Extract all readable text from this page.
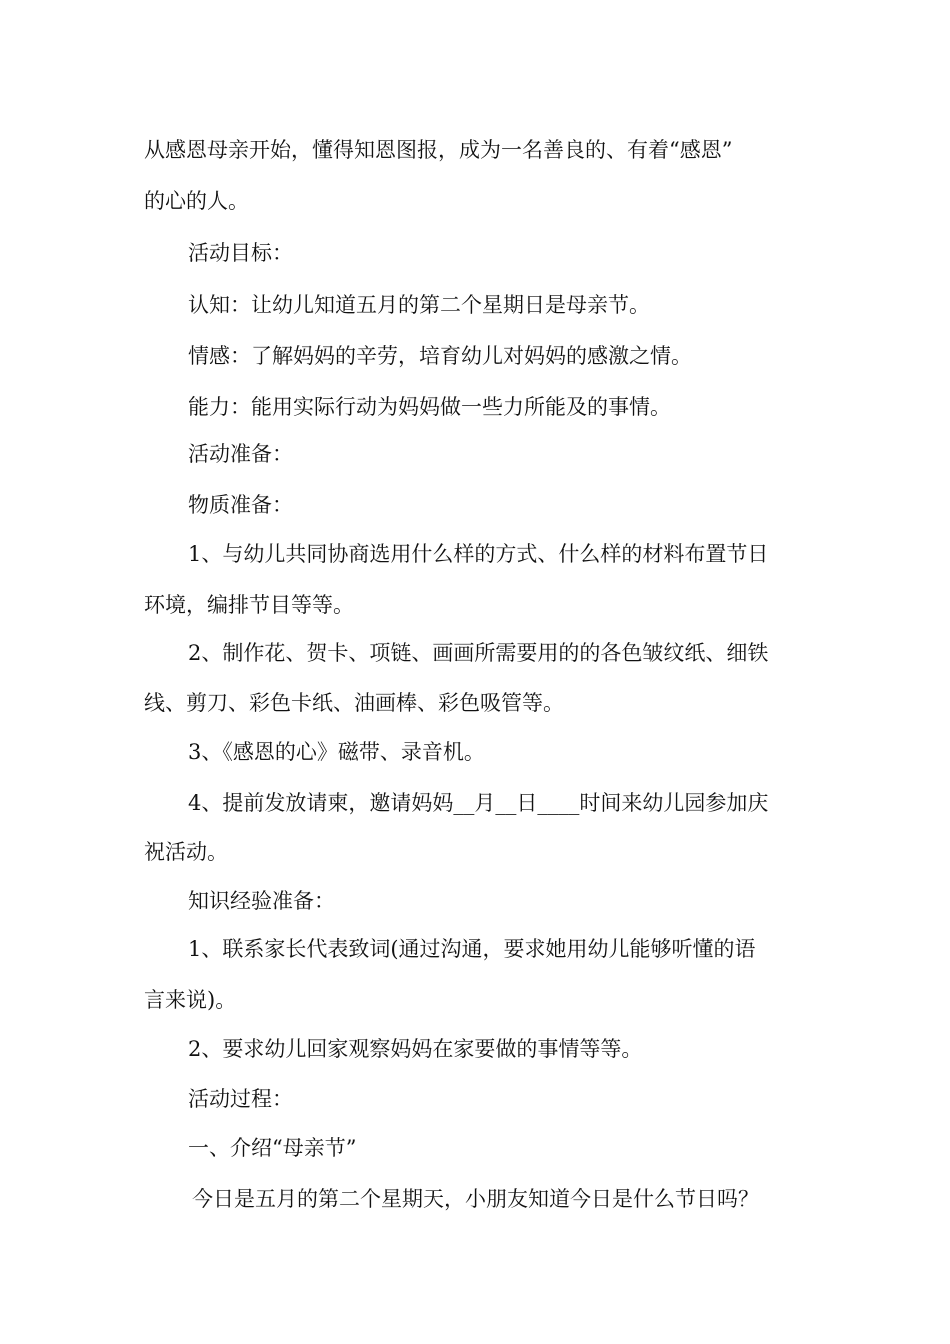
从感恩母亲开始，懂得知恩图报，成为一名善良的、有着“感恩”
的心的人。
活动目标：
认知：让幼儿知道五月的第二个星期日是母亲节。
情感：了解妈妈的辛劳，培育幼儿对妈妈的感激之情。
能力：能用实际行动为妈妈做一些力所能及的事情。
活动准备：
物质准备：
1、与幼儿共同协商选用什么样的方式、什么样的材料布置节日
环境，编排节目等等。
2、制作花、贺卡、项链、画画所需要用的的各色皱纹纸、细铁
线、剪刀、彩色卡纸、油画棒、彩色吸管等。
3、《感恩的心》磁带、录音机。
4、提前发放请柬，邀请妈妈__月__日____时间来幼儿园参加庆
祝活动。
知识经验准备：
1、联系家长代表致词(通过沟通，要求她用幼儿能够听懂的语
言来说)。
2、要求幼儿回家观察妈妈在家要做的事情等等。
活动过程：
一、介绍“母亲节”
今日是五月的第二个星期天，小朋友知道今日是什么节日吗？
